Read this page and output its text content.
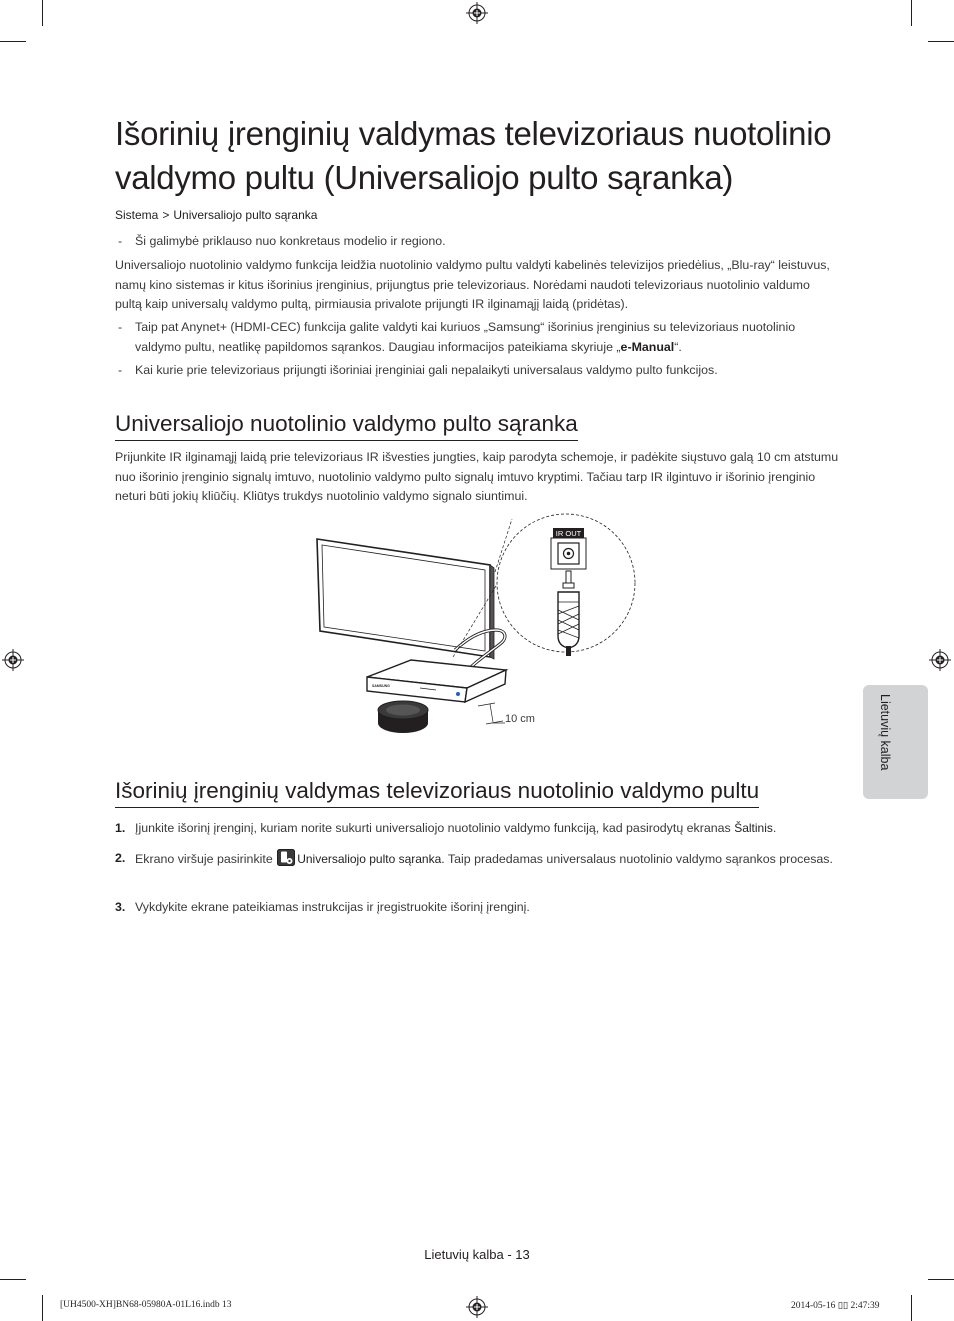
Išorinių įrenginių valdymas televizoriaus nuotolinio valdymo pultu (Universaliojo pulto sąranka)
Sistema > Universaliojo pulto sąranka
-	Ši galimybė priklauso nuo konkretaus modelio ir regiono.

Universaliojo nuotolinio valdymo funkcija leidžia nuotolinio valdymo pultu valdyti kabelinės televizijos priedėlius, „Blu-ray“ leistuvus, namų kino sistemas ir kitus išorinius įrenginius, prijungtus prie televizoriaus. Norėdami naudoti televizoriaus nuotolinio valdumo pultą kaip universalų valdymo pultą, pirmiausia privalote prijungti IR ilginamąjį laidą (pridėtas).

-	Taip pat Anynet+ (HDMI-CEC) funkcija galite valdyti kai kuriuos „Samsung“ išorinius įrenginius su televizoriaus nuotolinio valdymo pultu, neatlikę papildomos sąrankos. Daugiau informacijos pateikiama skyriuje „e-Manual“.
-	Kai kurie prie televizoriaus prijungti išoriniai įrenginiai gali nepalaikyti universalaus valdymo pulto funkcijos.
Universaliojo nuotolinio valdymo pulto sąranka

Prijunkite IR ilginamąjį laidą prie televizoriaus IR išvesties jungties, kaip parodyta schemoje, ir padėkite siųstuvo galą 10 cm atstumu nuo išorinio įrenginio signalų imtuvo, nuotolinio valdymo pulto signalų imtuvo kryptimi. Tačiau tarp IR ilgintuvo ir išorinio įrenginio neturi būti jokių kliūčių. Kliūtys trukdys nuotolinio valdymo signalo siuntimui.

IR OUT
SAMSUNG
10 cm
Išorinių įrenginių valdymas televizoriaus nuotolinio valdymo pultu
1. Įjunkite išorinį įrenginį, kuriam norite sukurti universaliojo nuotolinio valdymo funkciją, kad pasirodytų ekranas Šaltinis.
2. Ekrano viršuje pasirinkite Universaliojo pulto sąranka. Taip pradedamas universalaus nuotolinio valdymo sąrankos procesas.
3. Vykdykite ekrane pateikiamas instrukcijas ir įregistruokite išorinį įrenginį.
Lietuvių kalba
Lietuvių kalba - 13
[UH4500-XH]BN68-05980A-01L16.indb 13	2014-05-16 ▯▯ 2:47:39
